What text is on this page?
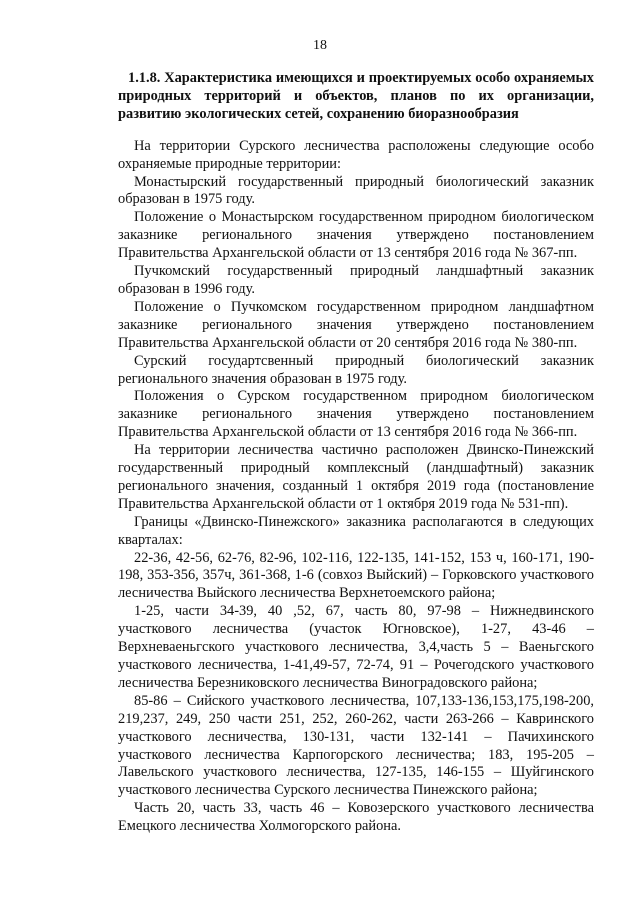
18
1.1.8. Характеристика имеющихся и проектируемых особо охраняемых природных территорий и объектов, планов по их организации, развитию экологических сетей, сохранению биоразнообразия

На территории Сурского лесничества расположены следующие особо охраняемые природные территории:

Монастырский государственный природный биологический заказник образован в 1975 году.

Положение о Монастырском государственном природном биологическом заказнике регионального значения утверждено постановлением Правительства Архангельской области от 13 сентября 2016 года № 367-пп.

Пучкомский государственный природный ландшафтный заказник образован в 1996 году.

Положение о Пучкомском государственном природном ландшафтном заказнике регионального значения утверждено постановлением Правительства Архангельской области от 20 сентября 2016 года № 380-пп.

Сурский государтсвенный природный биологический заказник регионального значения образован в 1975 году.

Положения о Сурском государственном природном биологическом заказнике регионального значения утверждено постановлением Правительства Архангельской области от 13 сентября 2016 года № 366-пп.

На территории лесничества частично расположен Двинско-Пинежский государственный природный комплексный (ландшафтный) заказник регионального значения, созданный 1 октября 2019 года (постановление Правительства Архангельской области от 1 октября 2019 года № 531-пп).

Границы «Двинско-Пинежского» заказника располагаются в следующих кварталах:

22-36, 42-56, 62-76, 82-96, 102-116, 122-135, 141-152, 153 ч, 160-171, 190-198, 353-356, 357ч, 361-368, 1-6 (совхоз Выйский) – Горковского участкового лесничества Выйского лесничества Верхнетоемского района;

1-25, части 34-39, 40 ,52, 67, часть 80, 97-98 – Нижнедвинского участкового лесничества (участок Югновское), 1-27, 43-46 – Верхневаеньгского участкового лесничества, 3,4,часть 5 – Ваеньгского участкового лесничества, 1-41,49-57, 72-74, 91 – Рочегодского участкового лесничества Березниковского лесничества Виноградовского района;

85-86 – Сийского участкового лесничества, 107,133-136,153,175,198-200, 219,237, 249, 250 части 251, 252, 260-262, части 263-266 – Кавринского участкового лесничества, 130-131, части 132-141 – Пачихинского участкового лесничества Карпогорского лесничества; 183, 195-205 – Лавельского участкового лесничества, 127-135, 146-155 – Шуйгинского участкового лесничества Сурского лесничества Пинежского района;

Часть 20, часть 33, часть 46 – Ковозерского участкового лесничества Емецкого лесничества Холмогорского района.
